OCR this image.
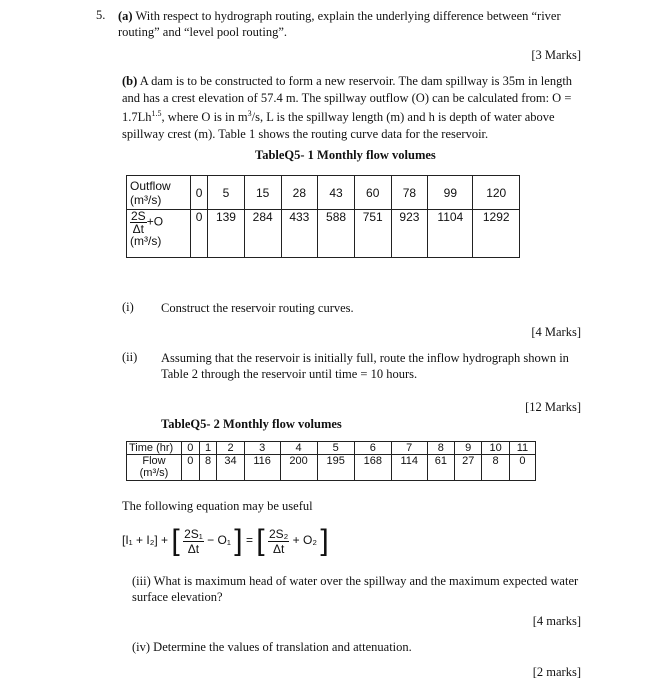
5. (a) With respect to hydrograph routing, explain the underlying difference between “river routing” and “level pool routing”.
[3 Marks]
(b) A dam is to be constructed to form a new reservoir. The dam spillway is 35m in length and has a crest elevation of 57.4 m. The spillway outflow (O) can be calculated from: $O = 1.7Lh^{1.5}$, where O is in $m^3/s$, L is the spillway length (m) and h is depth of water above spillway crest (m). Table 1 shows the routing curve data for the reservoir.
TableQ5- 1 Monthly flow volumes
Outflow (m³/s)	0	5	15	28	43	60	78	99	120

$\frac{2S}{\Delta t} +O$
(m³/s)	0	139	284	433	588	751	923	1104	1292
(i) Construct the reservoir routing curves.
[4 Marks]
(ii) Assuming that the reservoir is initially full, route the inflow hydrograph shown in Table 2 through the reservoir until time = 10 hours.
[12 Marks]
TableQ5- 2 Monthly flow volumes
Time (hr)	0	1	2	3	4	5	6	7	8	9	10	11
Flow (m³/s)	0	8	34	116	200	195	168	114	61	27	8	0
The following equation may be useful
[I₁ + I₂] + [ $\frac{\text{2S₁}}{\Delta t} - O_1$ ] = [ $\frac{\text{2S₂}}{\Delta t} + O_2$ ]
(iii) What is maximum head of water over the spillway and the maximum expected water surface elevation?
[4 marks]
(iv) Determine the values of translation and attenuation.
[2 marks]
